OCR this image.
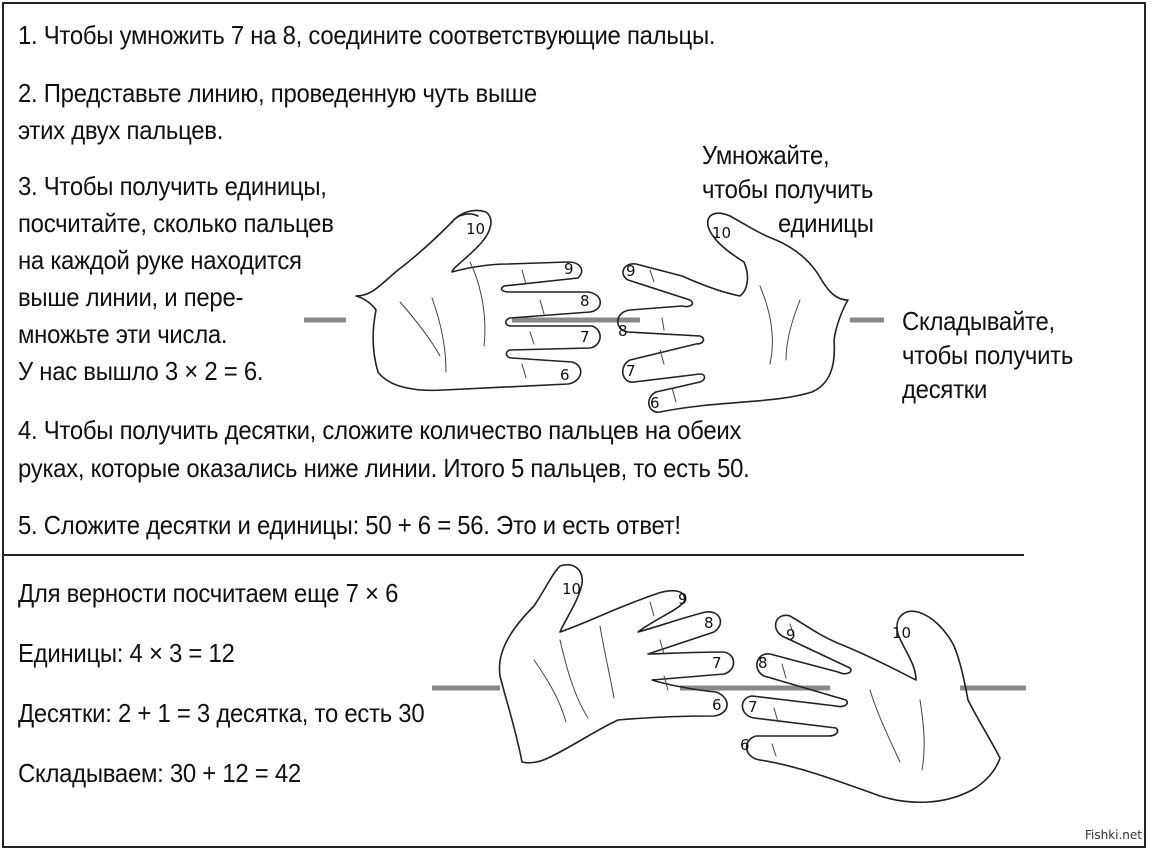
1. Чтобы умножить 7 на 8, соедините соответствующие пальцы.
2. Представьте линию, проведенную чуть выше
этих двух пальцев.
3. Чтобы получить единицы,
посчитайте, сколько пальцев
на каждой руке находится
выше линии, и пере-
множьте эти числа.
У нас вышло 3 × 2 = 6.
4. Чтобы получить десятки, сложите количество пальцев на обеих
руках, которые оказались ниже линии. Итого 5 пальцев, то есть 50.
5. Сложите десятки и единицы: 50 + 6 = 56. Это и есть ответ!
Умножайте,
чтобы получить
единицы
Складывайте,
чтобы получить
десятки
Для верности посчитаем еще 7 × 6
Единицы: 4 × 3 = 12
Десятки: 2 + 1 = 3 десятка, то есть 30
Складываем: 30 + 12 = 42
Fishki.net
10
9
8
7
6
10
9
8
7
6
10
9
8
7
6
10
9
8
7
6
